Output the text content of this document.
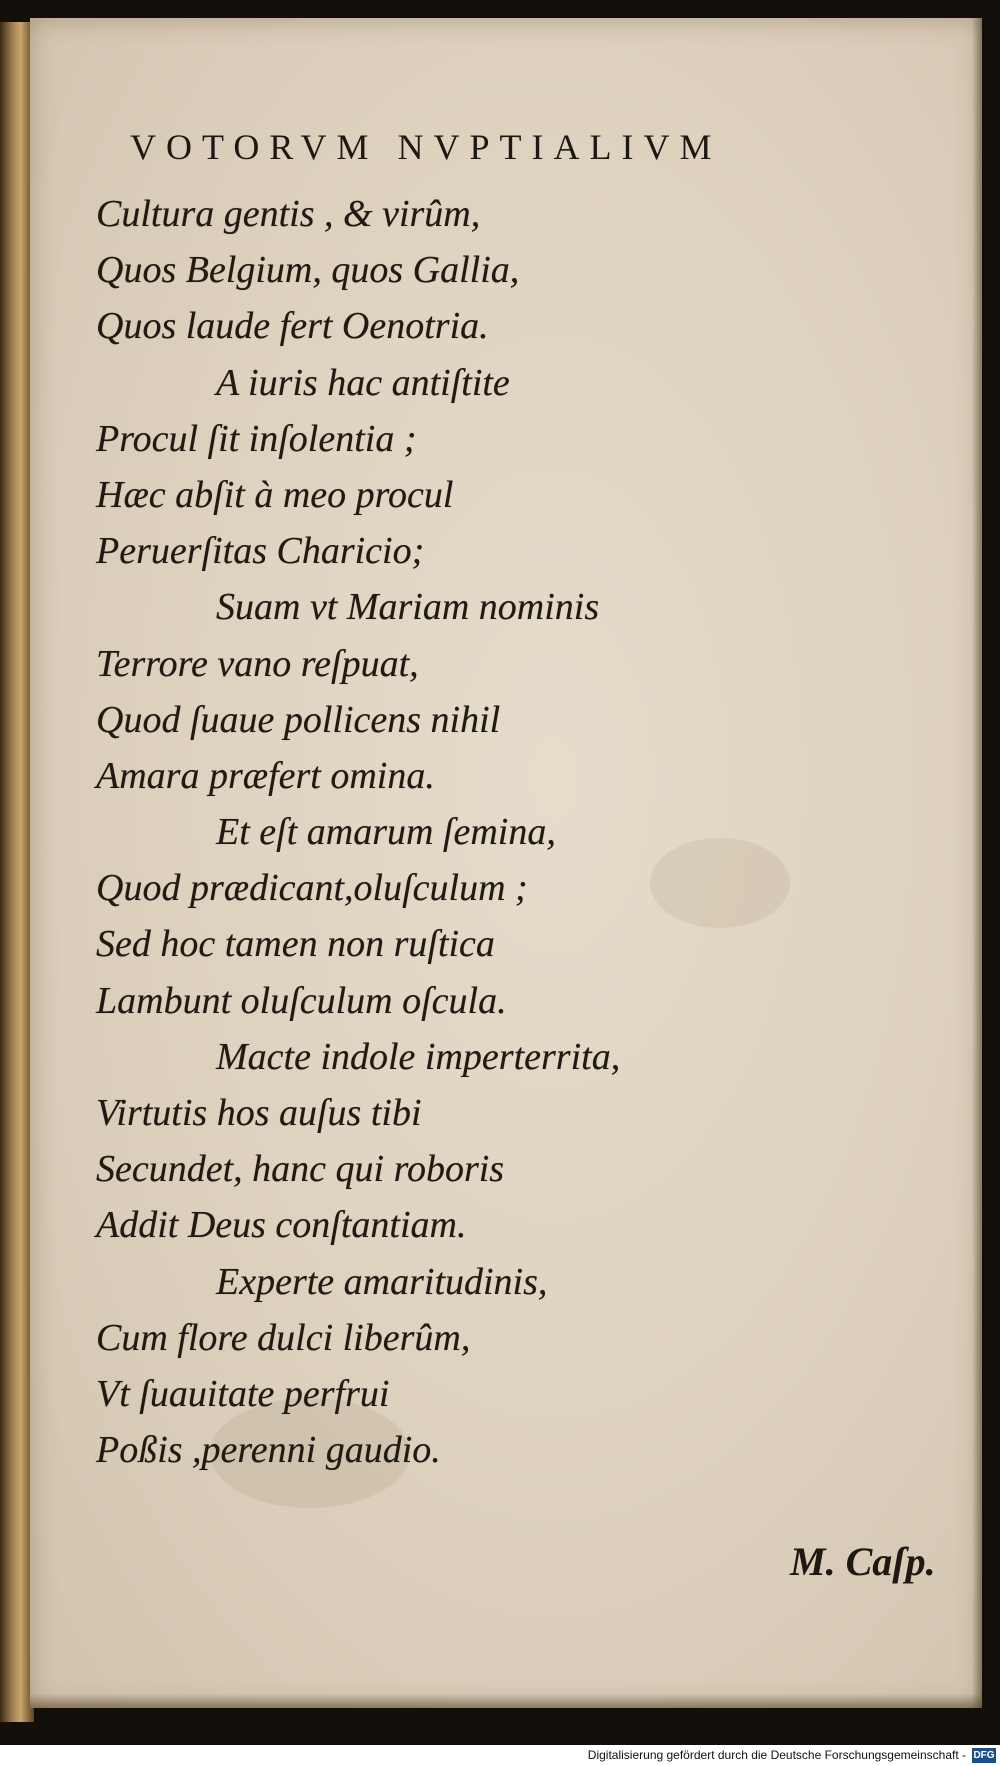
VOTORVM NVPTIALIVM
Cultura gentis , & virûm,
Quos Belgium, quos Gallia,
Quos laude fert Oenotria.
A iuris hac antiſtite
Procul ſit inſolentia ;
Hæc abſit à meo procul
Peruerſitas Charicio;
Suam vt Mariam nominis
Terrore vano reſpuat,
Quod ſuaue pollicens nihil
Amara præfert omina.
Et eſt amarum ſemina,
Quod prædicant,oluſculum ;
Sed hoc tamen non ruſtica
Lambunt oluſculum oſcula.
Macte indole imperterrita,
Virtutis hos auſus tibi
Secundet, hanc qui roboris
Addit Deus conſtantiam.
Experte amaritudinis,
Cum flore dulci liberûm,
Vt ſuauitate perfrui
Poßis ,perenni gaudio.
M. Caſp.
Digitalisierung gefördert durch die Deutsche Forschungsgemeinschaft - DFG
